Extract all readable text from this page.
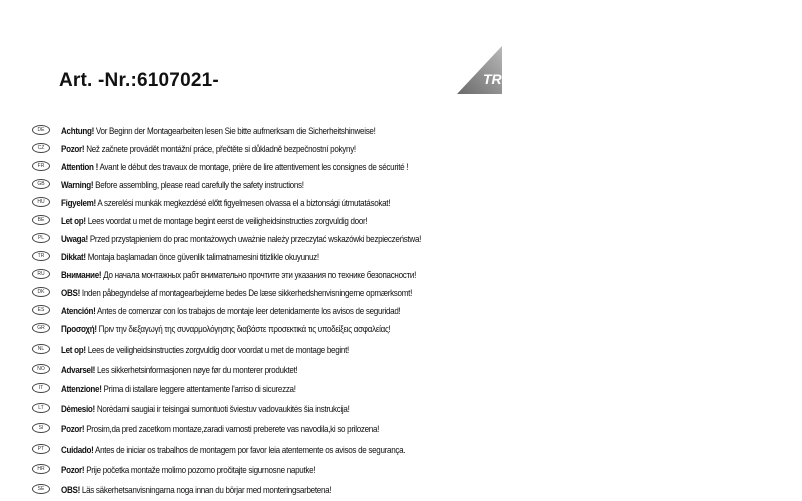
Art. -Nr.:6107021-	TRIO
DE	Achtung! Vor Beginn der Montagearbeiten lesen Sie bitte aufmerksam die Sicherheitshinweise!
CZ	Pozor! Než začnete provádět montážní práce, přečtěte si důkladně bezpečnostní pokyny!
FR	Attention ! Avant le début des travaux de montage, prière de lire attentivement les consignes de sécurité !
GB	Warning! Before assembling, please read carefully the safety instructions!
HU	Figyelem! A szerelési munkák megkezdésé előtt figyelmesen olvassa el a biztonsági útmutatásokat!
BE	Let op! Lees voordat u met de montage begint eerst de veiligheidsinstructies zorgvuldig door!
PL	Uwaga! Przed przystąpieniem do prac montażowych uważnie należy przeczytać wskazówki bezpieczeństwa!
TR	Dikkat! Montaja başlamadan önce güvenlik talimatnamesini titizlikle okuyunuz!
RU	Внимание! До начала монтажных рабт внимательно прочтите эти указания по технике безопасности!
DK	OBS! Inden påbegyndelse af montagearbejderne bedes De læse sikkerhedshenvisningerne opmærksomt!
ES	Atención! Antes de comenzar con los trabajos de montaje leer detenidamente los avisos de seguridad!
GR	Προσοχή! Πριν την διεξαγωγή της συναρμολόγησης διαβάστε προσεκτικά τις υποδείξεις ασφαλείας!
NL	Let op! Lees de veiligheidsinstructies zorgvuldig door voordat u met de montage begint!
NO	Advarsel! Les sikkerhetsinformasjonen nøye før du monterer produktet!
IT	Attenzione! Prima di istallare leggere attentamente l'arriso di sicurezza!
LT	Dėmesio! Norėdami saugiai ir teisingai sumontuoti šviestuv vadovaukitės šia instrukcija!
SI	Pozor! Prosim,da pred zacetkom montaze,zaradi varnosti preberete vas navodila,ki so prilozena!
PT	Cuidado! Antes de iniciar os trabalhos de montagem por favor leia atentemente os avisos de segurança.
HR	Pozor! Prije početka montaže molimo pozorno pročitajte sigurnosne naputke!
SE	OBS! Läs säkerhetsanvisningarna noga innan du börjar med monteringsarbetena!
